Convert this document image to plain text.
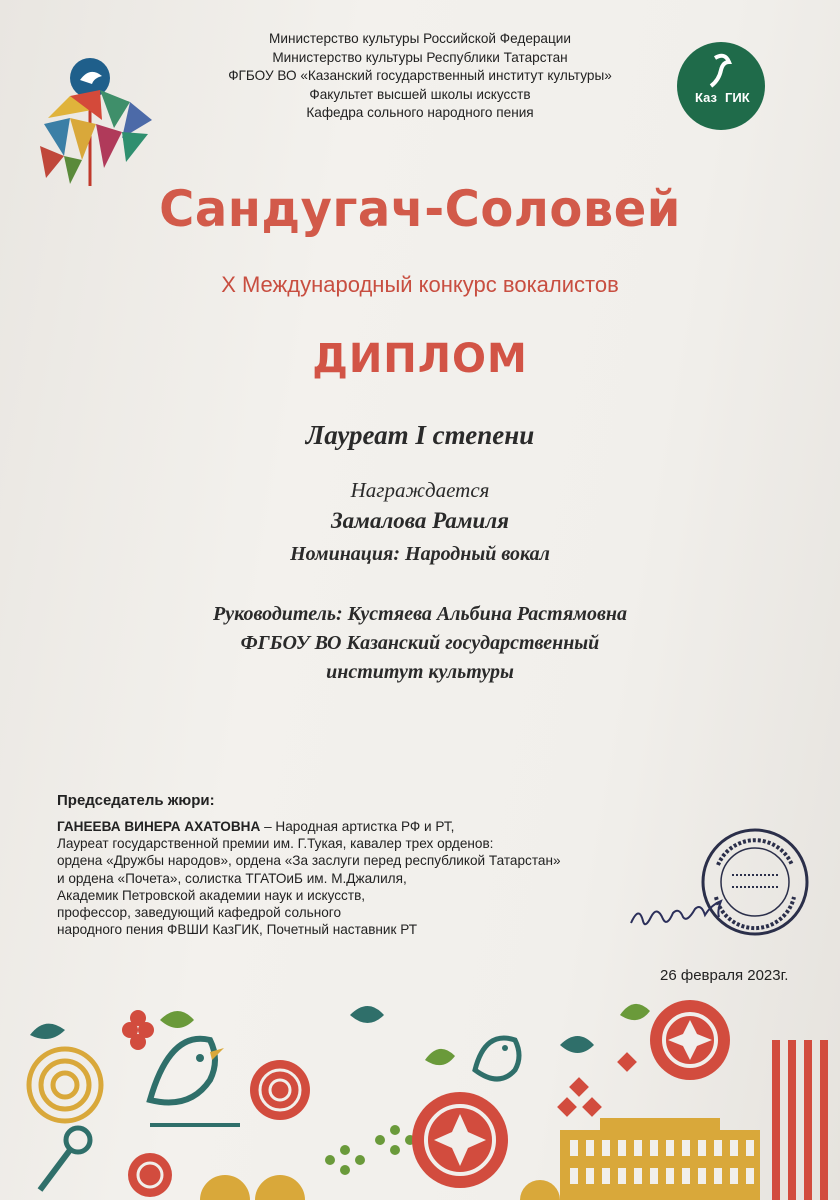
Министерство культуры Российской Федерации
Министерство культуры Республики Татарстан
ФГБОУ ВО «Казанский государственный институт культуры»
Факультет высшей школы искусств
Кафедра сольного народного пения
Каз ГИК
Сандугач-Соловей
X Международный конкурс вокалистов
ДИПЛОМ
Лауреат I степени
Награждается
Замалова Рамиля
Номинация: Народный вокал
Руководитель: Кустяева Альбина Растямовна
ФГБОУ ВО Казанский государственный
институт культуры
Председатель жюри:
ГАНЕЕВА ВИНЕРА АХАТОВНА – Народная артистка РФ и РТ,
Лауреат государственной премии им. Г.Тукая, кавалер трех орденов:
ордена «Дружбы народов», ордена «За заслуги перед республикой Татарстан»
и ордена «Почета», солистка ТГАТОиБ им. М.Джалиля,
Академик Петровской академии наук и искусств,
профессор, заведующий кафедрой сольного
народного пения ФВШИ КазГИК, Почетный наставник РТ
26 февраля 2023г.
